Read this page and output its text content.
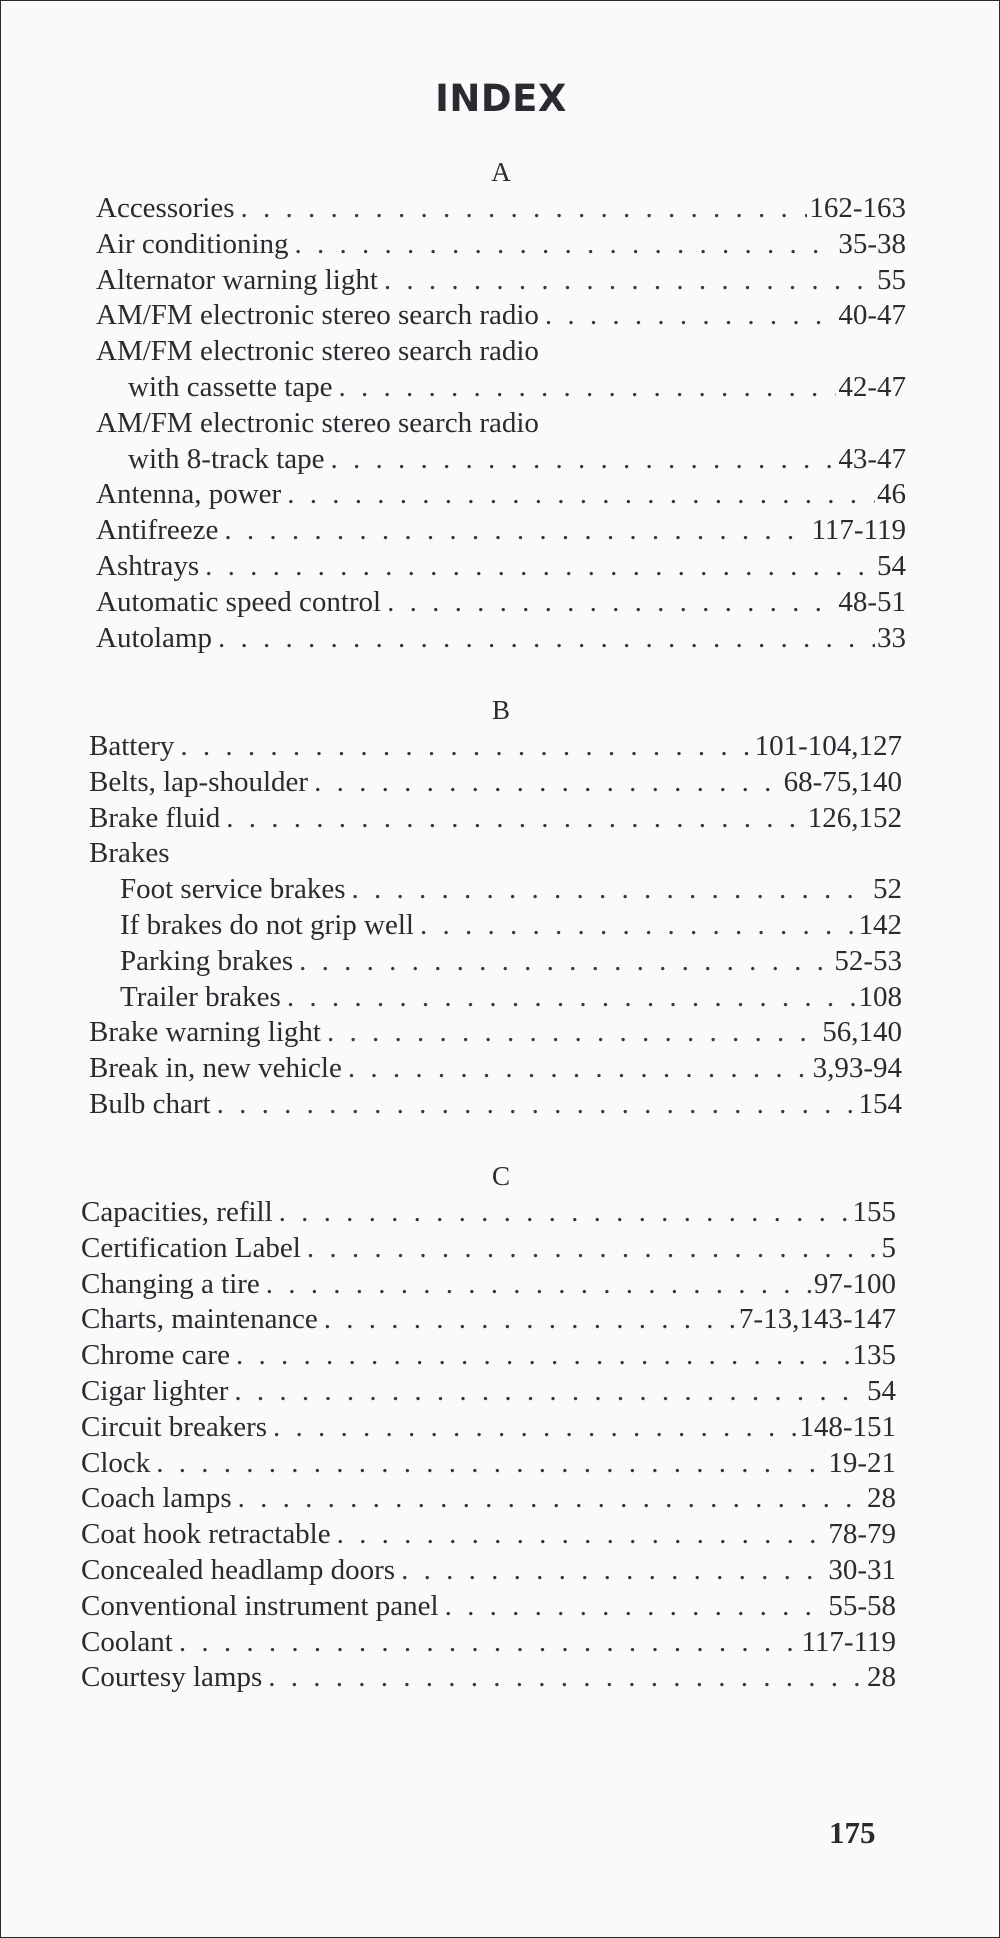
INDEX
A
Accessories . . .	162-163
Air conditioning . . .	35-38
Alternator warning light . . .	55
AM/FM electronic stereo search radio . . .	40-47
AM/FM electronic stereo search radio
with cassette tape . . .	42-47
AM/FM electronic stereo search radio
with 8-track tape . . .	43-47
Antenna, power . . .	46
Antifreeze . . .	117-119
Ashtrays . . .	54
Automatic speed control . . .	48-51
Autolamp . . .	33
B
Battery . . .	101-104,127
Belts, lap-shoulder . . .	68-75,140
Brake fluid . . .	126,152
Brakes
Foot service brakes . . .	52
If brakes do not grip well . . .	142
Parking brakes . . .	52-53
Trailer brakes . . .	108
Brake warning light . . .	56,140
Break in, new vehicle . . .	3,93-94
Bulb chart . . .	154
C
Capacities, refill . . .	155
Certification Label . . .	5
Changing a tire . . .	97-100
Charts, maintenance . . .	7-13,143-147
Chrome care . . .	135
Cigar lighter . . .	54
Circuit breakers . . .	148-151
Clock . . .	19-21
Coach lamps . . .	28
Coat hook retractable . . .	78-79
Concealed headlamp doors . . .	30-31
Conventional instrument panel . . .	55-58
Coolant . . .	117-119
Courtesy lamps . . .	28
175
